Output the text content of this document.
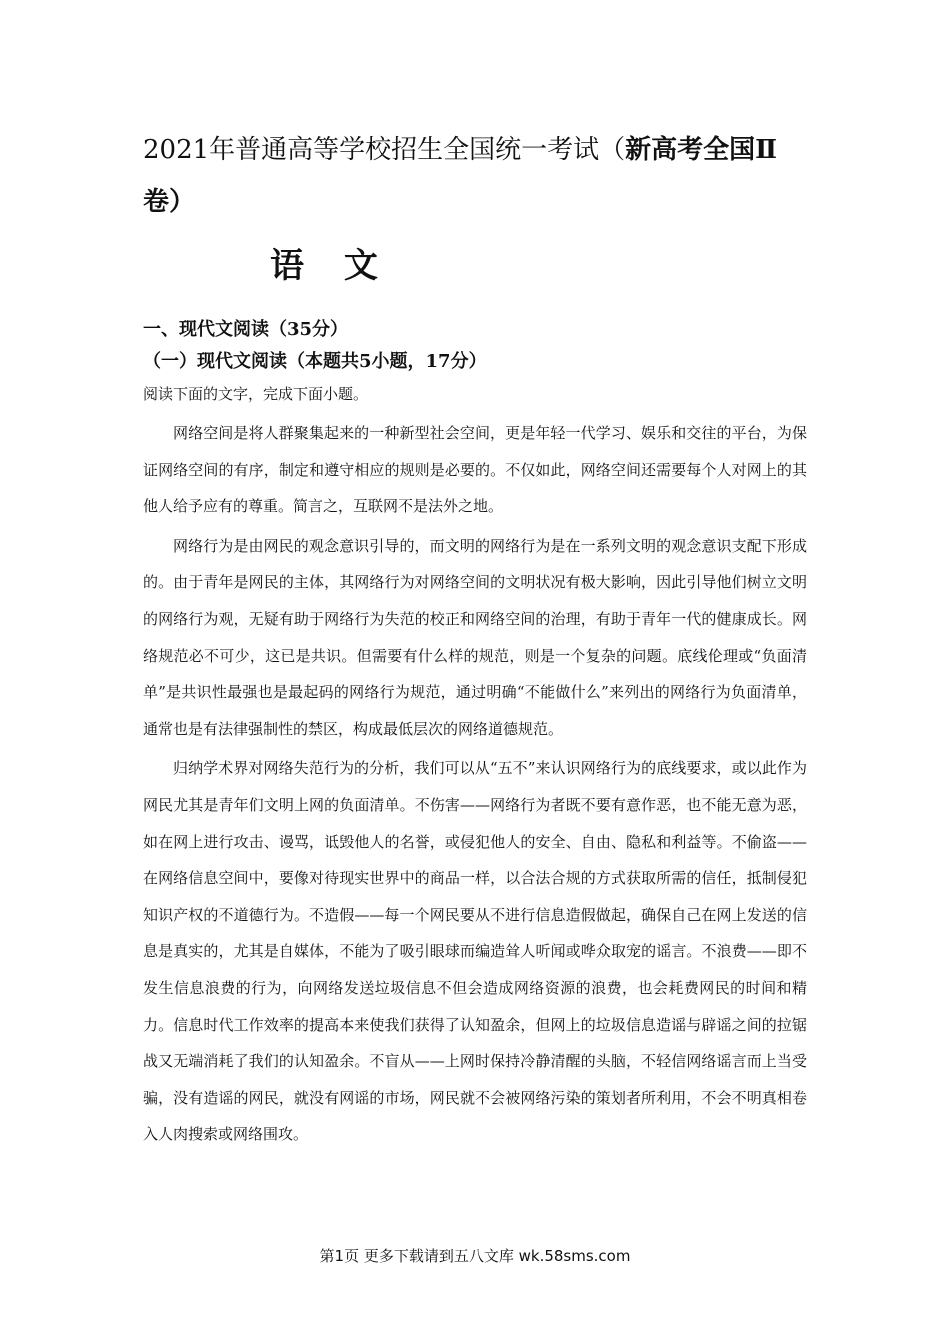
2021年普通高等学校招生全国统一考试（新高考全国Ⅱ
卷）
语 文
一、现代文阅读（35分）
（一）现代文阅读（本题共5小题，17分）

阅读下面的文字，完成下面小题。

网络空间是将人群聚集起来的一种新型社会空间，更是年轻一代学习、娱乐和交往的平台，为保证网络空间的有序，制定和遵守相应的规则是必要的。不仅如此，网络空间还需要每个人对网上的其他人给予应有的尊重。简言之，互联网不是法外之地。

网络行为是由网民的观念意识引导的，而文明的网络行为是在一系列文明的观念意识支配下形成的。由于青年是网民的主体，其网络行为对网络空间的文明状况有极大影响，因此引导他们树立文明的网络行为观，无疑有助于网络行为失范的校正和网络空间的治理，有助于青年一代的健康成长。网络规范必不可少，这已是共识。但需要有什么样的规范，则是一个复杂的问题。底线伦理或“负面清单”是共识性最强也是最起码的网络行为规范，通过明确“不能做什么”来列出的网络行为负面清单，通常也是有法律强制性的禁区，构成最低层次的网络道德规范。

归纳学术界对网络失范行为的分析，我们可以从“五不”来认识网络行为的底线要求，或以此作为网民尤其是青年们文明上网的负面清单。不伤害——网络行为者既不要有意作恶，也不能无意为恶，如在网上进行攻击、谩骂，诋毁他人的名誉，或侵犯他人的安全、自由、隐私和利益等。不偷盗——在网络信息空间中，要像对待现实世界中的商品一样，以合法合规的方式获取所需的信任，抵制侵犯知识产权的不道德行为。不造假——每一个网民要从不进行信息造假做起，确保自己在网上发送的信息是真实的，尤其是自媒体，不能为了吸引眼球而编造耸人听闻或哗众取宠的谣言。不浪费——即不发生信息浪费的行为，向网络发送垃圾信息不但会造成网络资源的浪费，也会耗费网民的时间和精力。信息时代工作效率的提高本来使我们获得了认知盈余，但网上的垃圾信息造谣与辟谣之间的拉锯战又无端消耗了我们的认知盈余。不盲从——上网时保持冷静清醒的头脑，不轻信网络谣言而上当受骗，没有造谣的网民，就没有网谣的市场，网民就不会被网络污染的策划者所利用，不会不明真相卷入人肉搜索或网络围攻。

第1页 更多下载请到五八文库 wk.58sms.com
